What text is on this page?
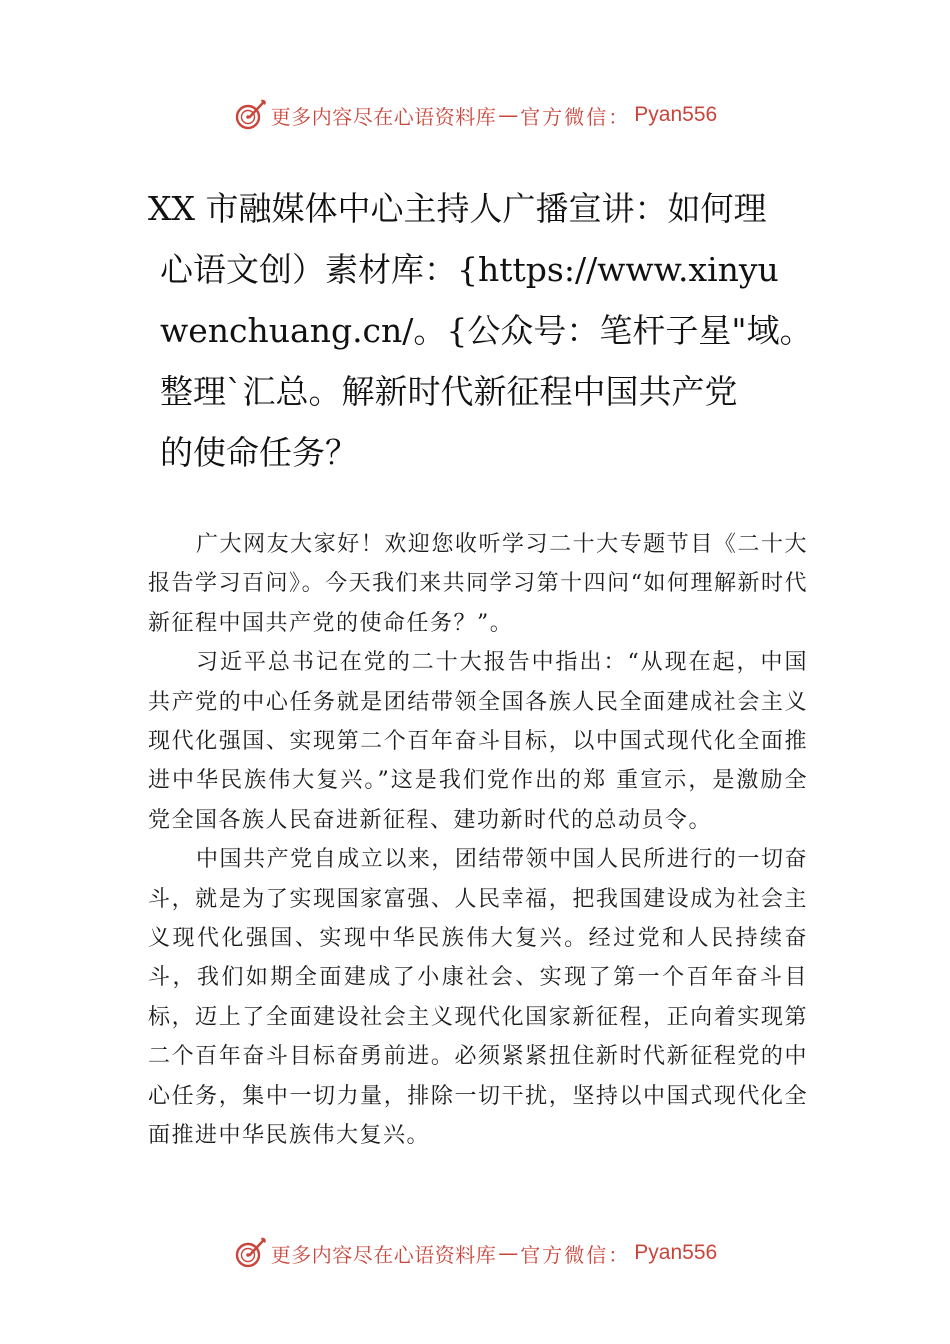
更多内容尽在心语资料库 — 官方微信： Pyan556
XX 市融媒体中心主持人广播宣讲：如何理
心语文创）素材库：{https://www.xinyu
wenchuang.cn/。{公众号：笔杆子星"域。
整理`汇总。解新时代新征程中国共产党
的使命任务？

广大网友大家好！欢迎您收听学习二十大专题节目《二十大报告学习百问》。今天我们来共同学习第十四问“如何理解新时代新征程中国共产党的使命任务？”。

习近平总书记在党的二十大报告中指出：“从现在起，中国共产党的中心任务就是团结带领全国各族人民全面建成社会主义现代化强国、实现第二个百年奋斗目标，以中国式现代化全面推进中华民族伟大复兴。”这是我们党作出的郑 重宣示，是激励全党全国各族人民奋进新征程、建功新时代的总动员令。

中国共产党自成立以来，团结带领中国人民所进行的一切奋斗，就是为了实现国家富强、人民幸福，把我国建设成为社会主义现代化强国、实现中华民族伟大复兴。经过党和人民持续奋斗，我们如期全面建成了小康社会、实现了第一个百年奋斗目标，迈上了全面建设社会主义现代化国家新征程，正向着实现第二个百年奋斗目标奋勇前进。必须紧紧扭住新时代新征程党的中心任务，集中一切力量，排除一切干扰，坚持以中国式现代化全面推进中华民族伟大复兴。

更多内容尽在心语资料库 — 官方微信： Pyan556
